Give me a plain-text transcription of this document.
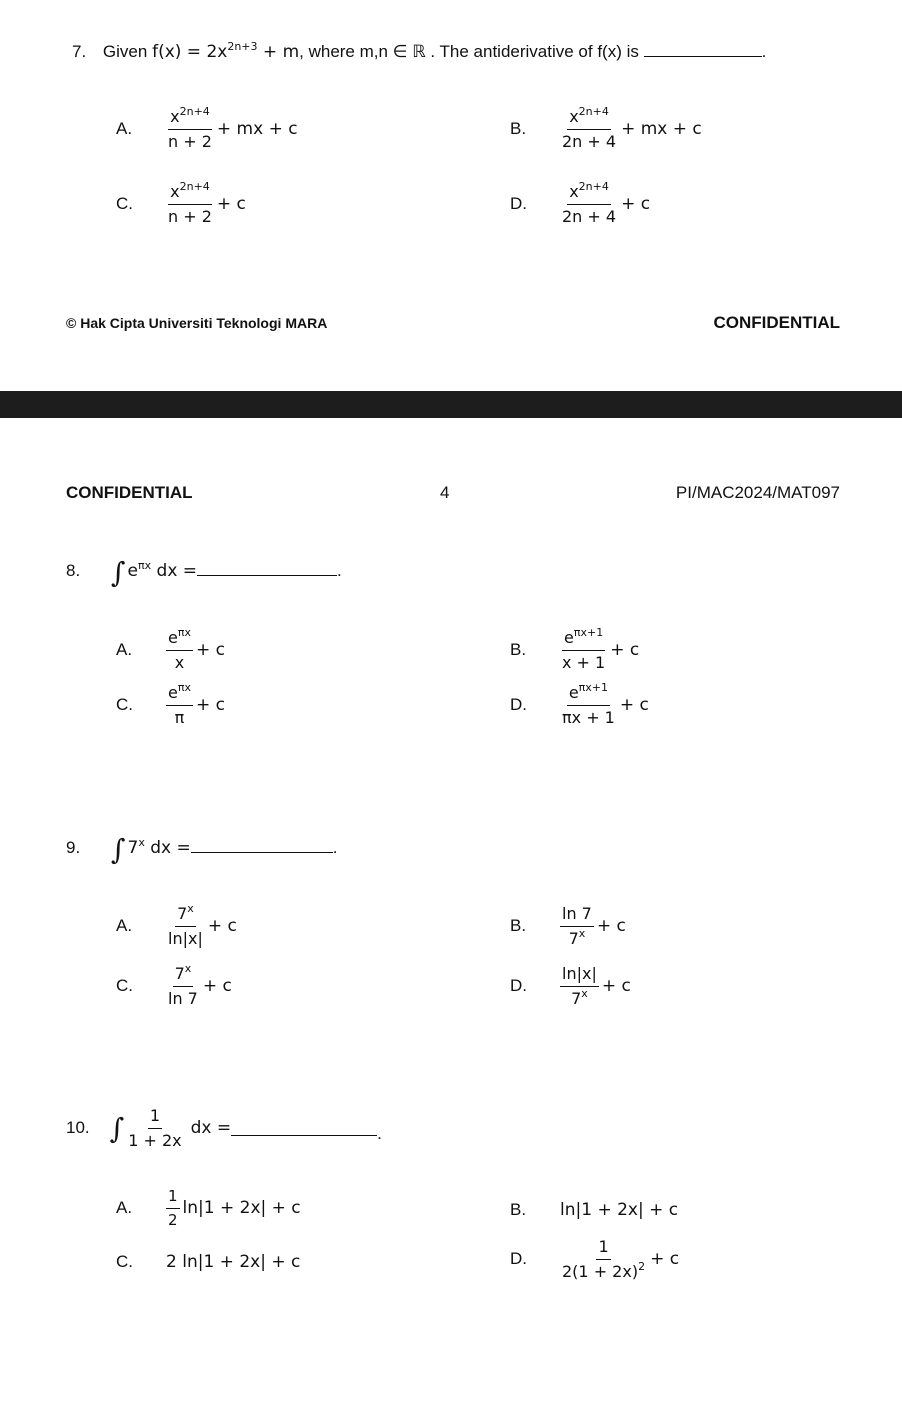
7. Given $f(x) = 2x^{2n+3} + m$, where m,n ∈ ℝ . The antiderivative of f(x) is	.
A.	$\frac{x^{2n+4}}{n + 2}$ + mx + c	B.	$\frac{x^{2n+4}}{2n + 4}$ + mx + c
C.	$\frac{x^{2n+4}}{n + 2} + c$	D.	$\frac{x^{2n+4}}{2n + 4} + c$
© Hak Cipta Universiti Teknologi MARA	CONFIDENTIAL
CONFIDENTIAL	4	PI/MAC2024/MAT097
8. ∫ $e^{\pi x}$ dx =	.
A.	$\frac{e^{\pi x}}{x} + c$	B.	$\frac{e^{\pi x+1}}{x + 1} + c$
C.	$\frac{e^{\pi x}}{\pi} + c$	D.	$\frac{e^{\pi x+1}}{\pi x + 1} + c$
9. ∫ 7$^x$ dx =	.
A.	$\frac{7^x}{\ln|x|} + c$	B.	$\frac{\ln 7}{7^x} + c$
C.	$\frac{7^x}{\ln 7} + c$	D.	$\frac{\ln|x|}{7^x} + c$
10. ∫ $\frac{1}{1 + 2x}$ dx =	.
A.	$\frac{1}{2} \ln|1 + 2x| + c$	B.	ln|1 + 2x| + c
C.	2 ln|1 + 2x| + c	D.	$\frac{1}{2(1 + 2x)^2} + c$
